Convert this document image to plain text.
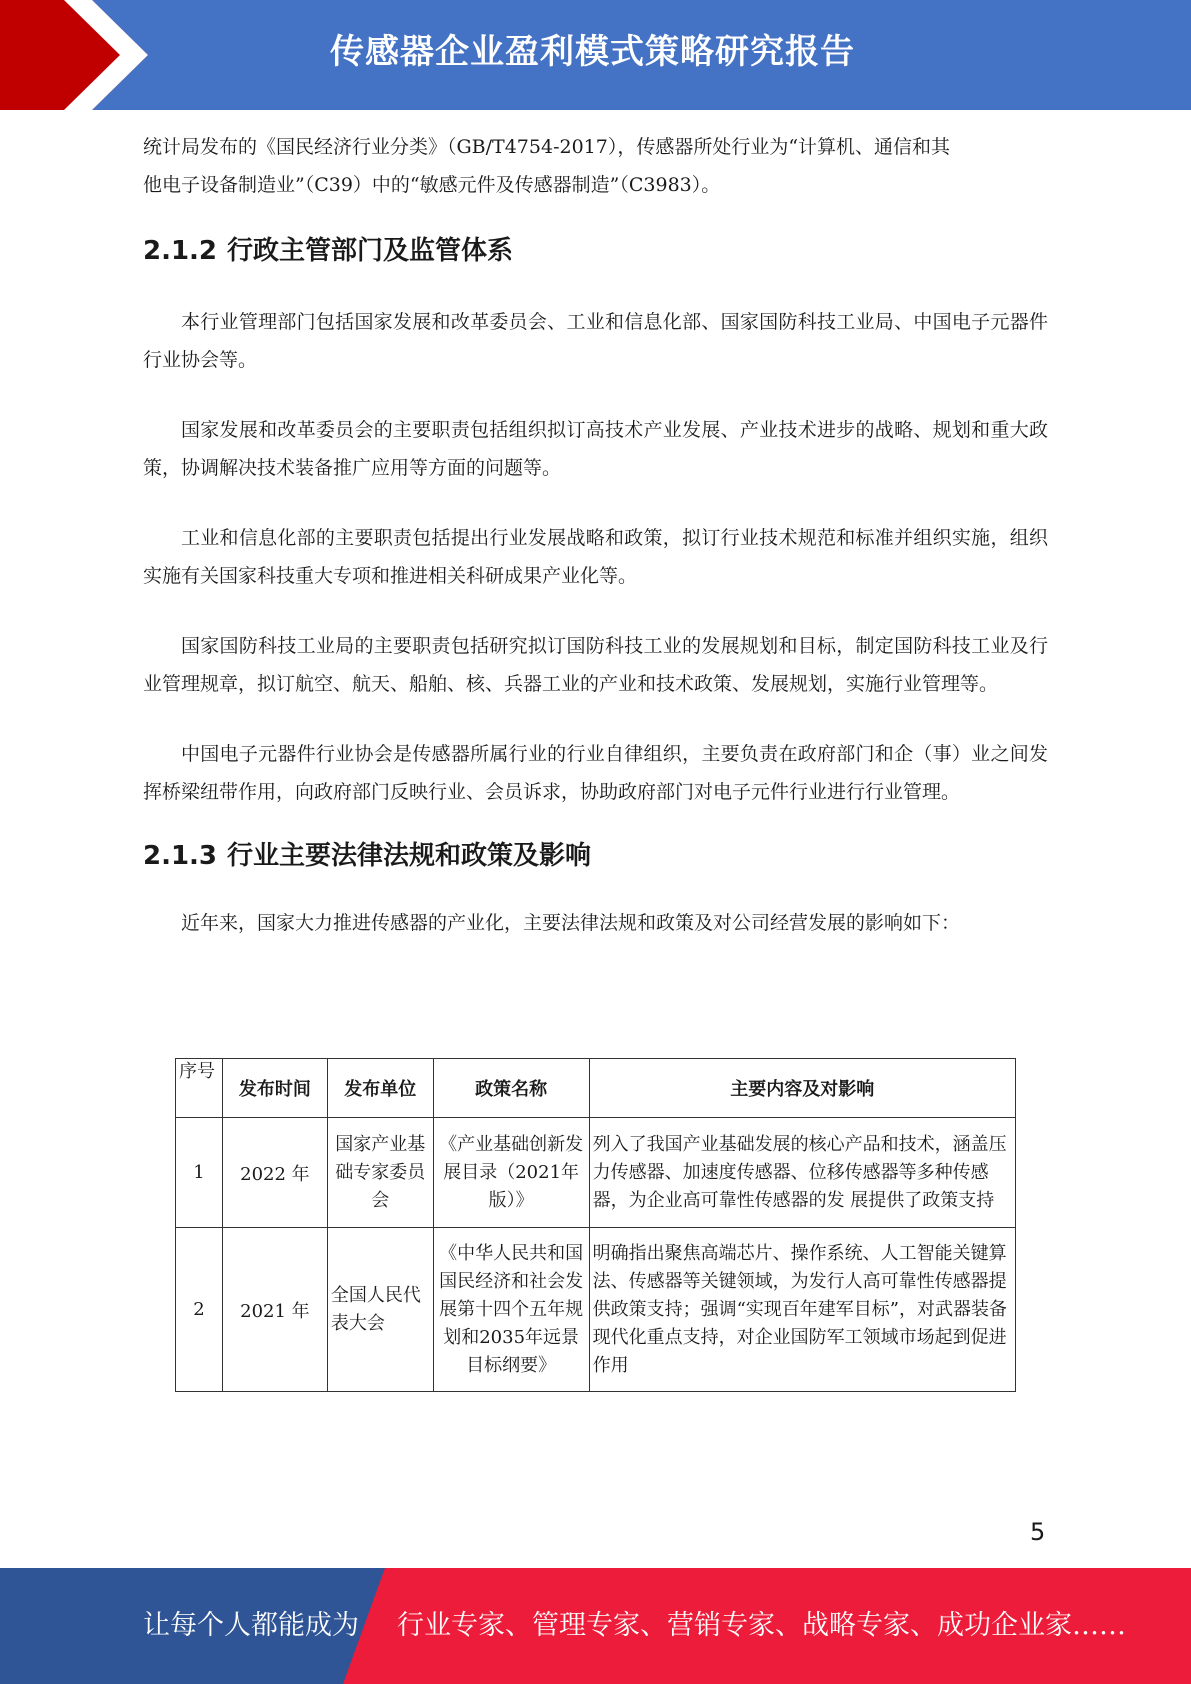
传感器企业盈利模式策略研究报告

统计局发布的《国民经济行业分类》（GB/T4754-2017），传感器所处行业为“计算机、通信和其

他电子设备制造业”（C39）中的“敏感元件及传感器制造”（C3983）。

2.1.2 行政主管部门及监管体系

本行业管理部门包括国家发展和改革委员会、工业和信息化部、国家国防科技工业局、中国电子元器件行业协会等。

国家发展和改革委员会的主要职责包括组织拟订高技术产业发展、产业技术进步的战略、规划和重大政策，协调解决技术装备推广应用等方面的问题等。

工业和信息化部的主要职责包括提出行业发展战略和政策，拟订行业技术规范和标准并组织实施，组织实施有关国家科技重大专项和推进相关科研成果产业化等。

国家国防科技工业局的主要职责包括研究拟订国防科技工业的发展规划和目标，制定国防科技工业及行业管理规章，拟订航空、航天、船舶、核、兵器工业的产业和技术政策、发展规划，实施行业管理等。

中国电子元器件行业协会是传感器所属行业的行业自律组织，主要负责在政府部门和企（事）业之间发挥桥梁纽带作用，向政府部门反映行业、会员诉求，协助政府部门对电子元件行业进行行业管理。

2.1.3 行业主要法律法规和政策及影响

近年来，国家大力推进传感器的产业化，主要法律法规和政策及对公司经营发展的影响如下：

序号	发布时间	发布单位	政策名称	主要内容及对影响
1	2022 年	国家产业基础专家委员会	《产业基础创新发展目录（2021年版）》	列入了我国产业基础发展的核心产品和技术，涵盖压力传感器、加速度传感器、位移传感器等多种传感器，为企业高可靠性传感器的发 展提供了政策支持
2	2021 年	全国人民代表大会	《中华人民共和国国民经济和社会发展第十四个五年规划和2035年远景目标纲要》	明确指出聚焦高端芯片、操作系统、人工智能关键算法、传感器等关键领域，为发行人高可靠性传感器提供政策支持；强调“实现百年建军目标”，对武器装备现代化重点支持，对企业国防军工领域市场起到促进作用
5
让每个人都能成为 行业专家、管理专家、营销专家、战略专家、成功企业家……
